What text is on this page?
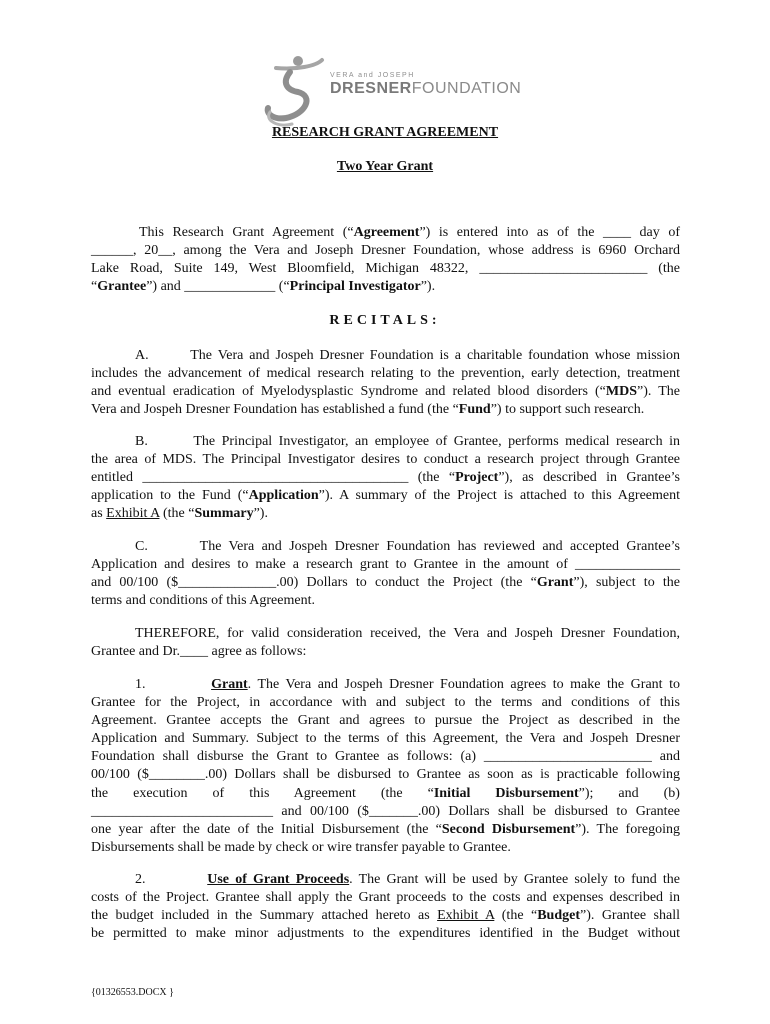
VERA and JOSEPH
DRESNERFOUNDATION
RESEARCH GRANT AGREEMENT
Two Year Grant
This Research Grant Agreement (“Agreement”) is entered into as of the ____ day of
______, 20__, among the Vera and Joseph Dresner Foundation, whose address is 6960 Orchard
Lake Road, Suite 149, West Bloomfield, Michigan 48322, ________________________ (the
“Grantee”) and _____________ (“Principal Investigator”).
RECITALS:
A.       The Vera and Jospeh Dresner Foundation is a charitable foundation whose mission
includes the advancement of medical research relating to the prevention, early detection, treatment
and eventual eradication of Myelodysplastic Syndrome and related blood disorders (“MDS”). The
Vera and Jospeh Dresner Foundation has established a fund (the “Fund”) to support such research.
B.       The Principal Investigator, an employee of Grantee, performs medical research in
the area of MDS. The Principal Investigator desires to conduct a research project through Grantee
entitled ______________________________________ (the “Project”), as described in Grantee’s
application to the Fund (“Application”). A summary of the Project is attached to this Agreement
as Exhibit A (the “Summary”).
C.       The Vera and Jospeh Dresner Foundation has reviewed and accepted Grantee’s
Application and desires to make a research grant to Grantee in the amount of _______________
and 00/100 ($______________.00) Dollars to conduct the Project (the “Grant”), subject to the
terms and conditions of this Agreement.
THEREFORE, for valid consideration received, the Vera and Jospeh Dresner Foundation,
Grantee and Dr.____ agree as follows:
1.          Grant. The Vera and Jospeh Dresner Foundation agrees to make the Grant to
Grantee for the Project, in accordance with and subject to the terms and conditions of this
Agreement. Grantee accepts the Grant and agrees to pursue the Project as described in the
Application and Summary. Subject to the terms of this Agreement, the Vera and Jospeh Dresner
Foundation shall disburse the Grant to Grantee as follows: (a) ________________________ and
00/100 ($________.00) Dollars shall be disbursed to Grantee as soon as is practicable following
the execution of this Agreement (the “Initial Disbursement”); and (b)
__________________________ and 00/100 ($_______.00) Dollars shall be disbursed to Grantee
one year after the date of the Initial Disbursement (the “Second Disbursement”). The foregoing
Disbursements shall be made by check or wire transfer payable to Grantee.
2.          Use of Grant Proceeds. The Grant will be used by Grantee solely to fund the
costs of the Project. Grantee shall apply the Grant proceeds to the costs and expenses described in
the budget included in the Summary attached hereto as Exhibit A (the “Budget”). Grantee shall
be permitted to make minor adjustments to the expenditures identified in the Budget without
{01326553.DOCX }
